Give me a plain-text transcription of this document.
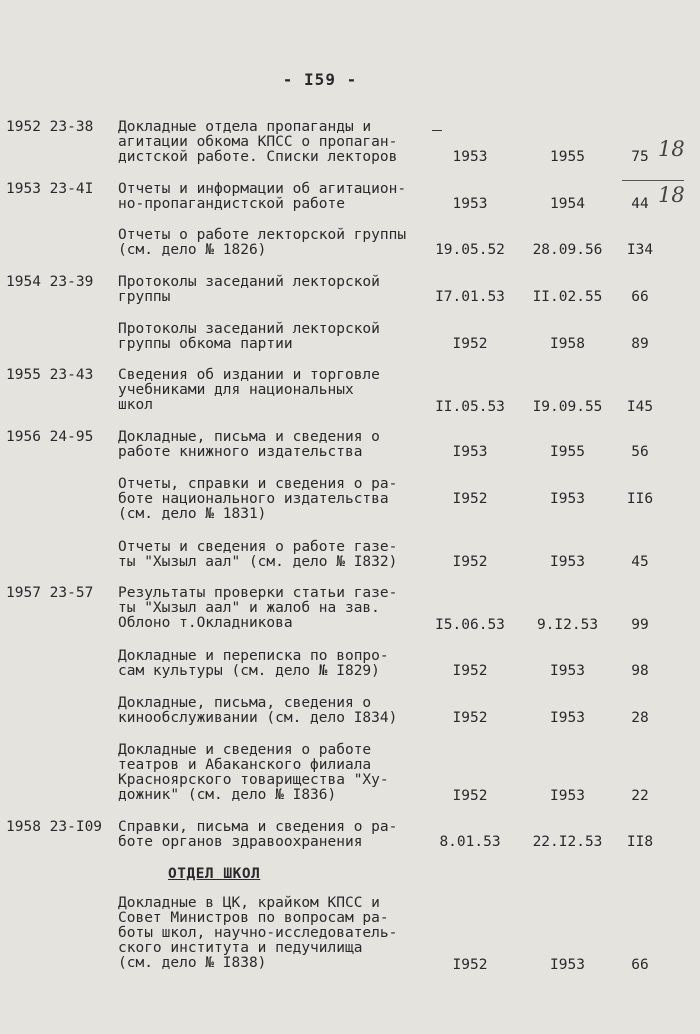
- I59 -
1952 23-38	Докладные отдела пропаганды и
агитации обкома КПСС о пропаган-
дистской работе. Списки лекторов	1953	1955	75 18
1953 23-4I	Отчеты и информации об агитацион-
но-пропагандистской работе	1953	1954	44 18
Отчеты о работе лекторской группы
(см. дело № 1826)	19.05.52	28.09.56	I34
1954 23-39	Протоколы заседаний лекторской
группы	I7.01.53	II.02.55	66
Протоколы заседаний лекторской
группы обкома партии	I952	I958	89
1955 23-43	Сведения об издании и торговле
учебниками для национальных
школ	II.05.53	I9.09.55	I45
1956 24-95	Докладные, письма и сведения о
работе книжного издательства	I953	I955	56
Отчеты, справки и сведения о ра-
боте национального издательства
(см. дело № 1831)
I952	I953	II6
Отчеты и сведения о работе газе-
ты "Хызыл аал" (см. дело № I832)	I952	I953	45
1957 23-57	Результаты проверки статьи газе-
ты "Хызыл аал" и жалоб на зав.
Облоно т.Окладникова	I5.06.53	9.I2.53	99
Докладные и переписка по вопро-
сам культуры (см. дело № I829)	I952	I953	98
Докладные, письма, сведения о
кинообслуживании (см. дело I834)	I952	I953	28
Докладные и сведения о работе
театров и Абаканского филиала
Красноярского товарищества "Ху-
дожник" (см. дело № I836)	I952	I953	22
1958 23-I09	Справки, письма и сведения о ра-
боте органов здравоохранения	8.01.53	22.I2.53	II8
ОТДЕЛ ШКОЛ
Докладные в ЦК, крайком КПСС и
Совет Министров по вопросам ра-
боты школ, научно-исследователь-
ского института и педучилища
(см. дело № I838)	I952	I953	66
